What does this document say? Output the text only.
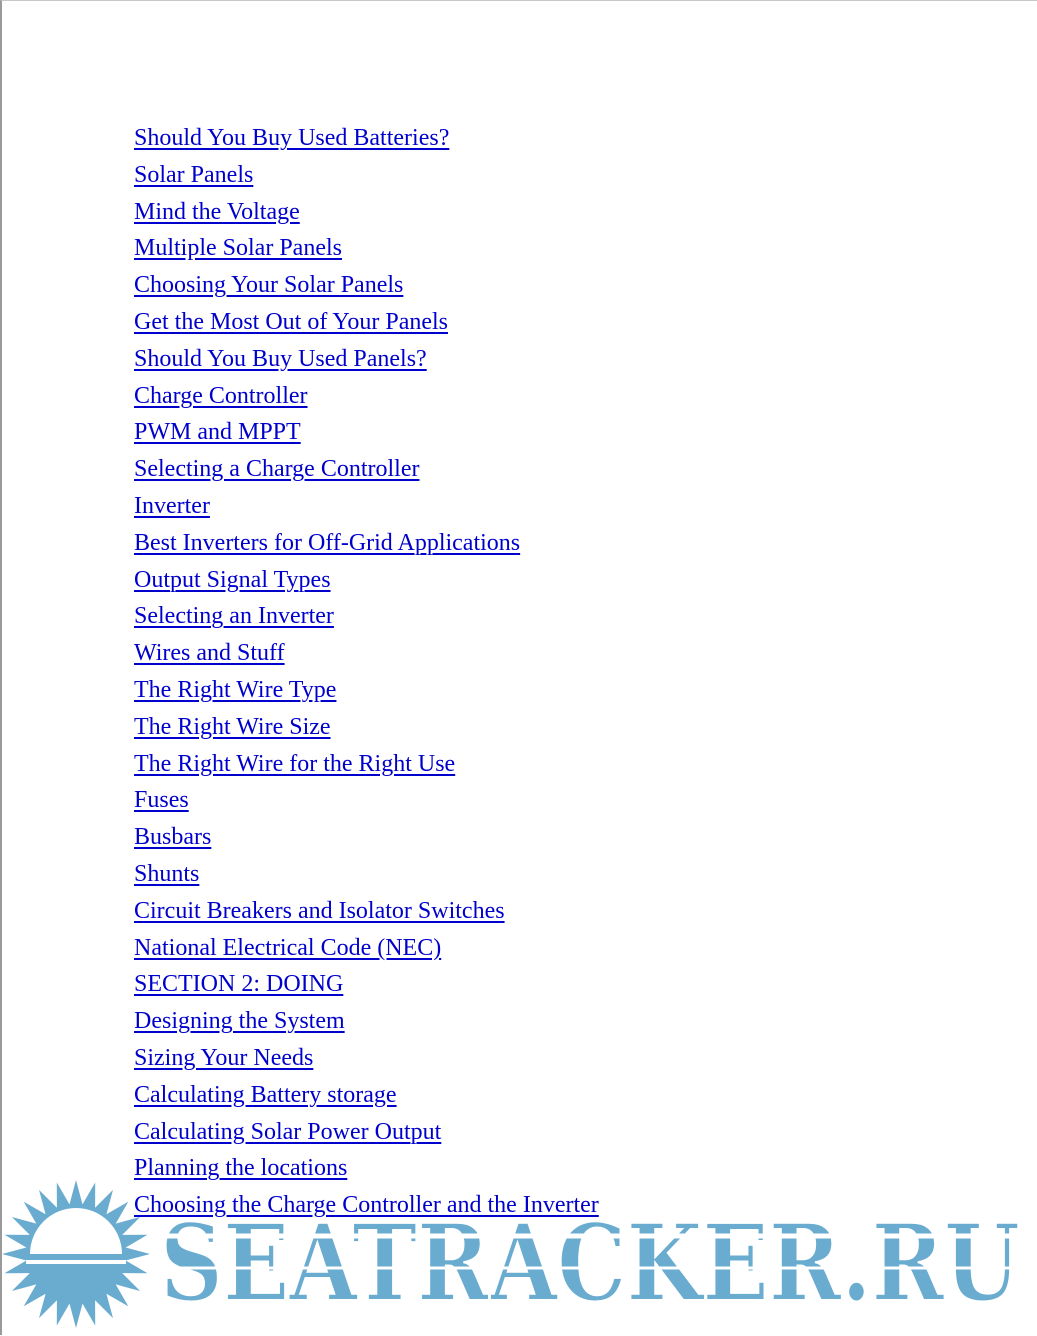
Should You Buy Used Batteries?
Solar Panels
Mind the Voltage
Multiple Solar Panels
Choosing Your Solar Panels
Get the Most Out of Your Panels
Should You Buy Used Panels?
Charge Controller
PWM and MPPT
Selecting a Charge Controller
Inverter
Best Inverters for Off-Grid Applications
Output Signal Types
Selecting an Inverter
Wires and Stuff
The Right Wire Type
The Right Wire Size
The Right Wire for the Right Use
Fuses
Busbars
Shunts
Circuit Breakers and Isolator Switches
National Electrical Code (NEC)
SECTION 2: DOING
Designing the System
Sizing Your Needs
Calculating Battery storage
Calculating Solar Power Output
Planning the locations
Choosing the Charge Controller and the Inverter
SEATRACKER.RU
